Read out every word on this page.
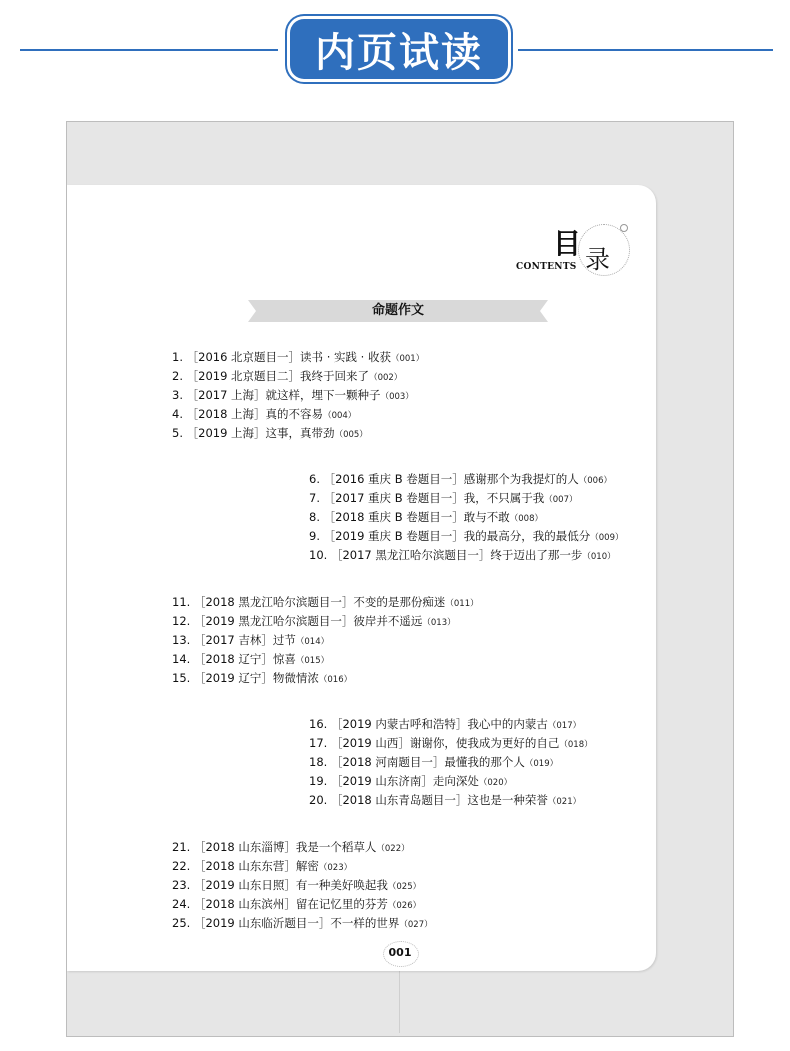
内页试读
目 录
CONTENTS
命题作文
1. ［2016 北京题目一］读书 · 实践 · 收获（001）
2. ［2019 北京题目二］我终于回来了（002）
3. ［2017 上海］就这样，埋下一颗种子（003）
4. ［2018 上海］真的不容易（004）
5. ［2019 上海］这事，真带劲（005）
6. ［2016 重庆 B 卷题目一］感谢那个为我提灯的人（006）
7. ［2017 重庆 B 卷题目一］我，不只属于我（007）
8. ［2018 重庆 B 卷题目一］敢与不敢（008）
9. ［2019 重庆 B 卷题目一］我的最高分，我的最低分（009）
10. ［2017 黑龙江哈尔滨题目一］终于迈出了那一步（010）
11. ［2018 黑龙江哈尔滨题目一］不变的是那份痴迷（011）
12. ［2019 黑龙江哈尔滨题目一］彼岸并不遥远（013）
13. ［2017 吉林］过节（014）
14. ［2018 辽宁］惊喜（015）
15. ［2019 辽宁］物微情浓（016）
16. ［2019 内蒙古呼和浩特］我心中的内蒙古（017）
17. ［2019 山西］谢谢你，使我成为更好的自己（018）
18. ［2018 河南题目一］最懂我的那个人（019）
19. ［2019 山东济南］走向深处（020）
20. ［2018 山东青岛题目一］这也是一种荣誉（021）
21. ［2018 山东淄博］我是一个稻草人（022）
22. ［2018 山东东营］解密（023）
23. ［2019 山东日照］有一种美好唤起我（025）
24. ［2018 山东滨州］留在记忆里的芬芳（026）
25. ［2019 山东临沂题目一］不一样的世界（027）
001
